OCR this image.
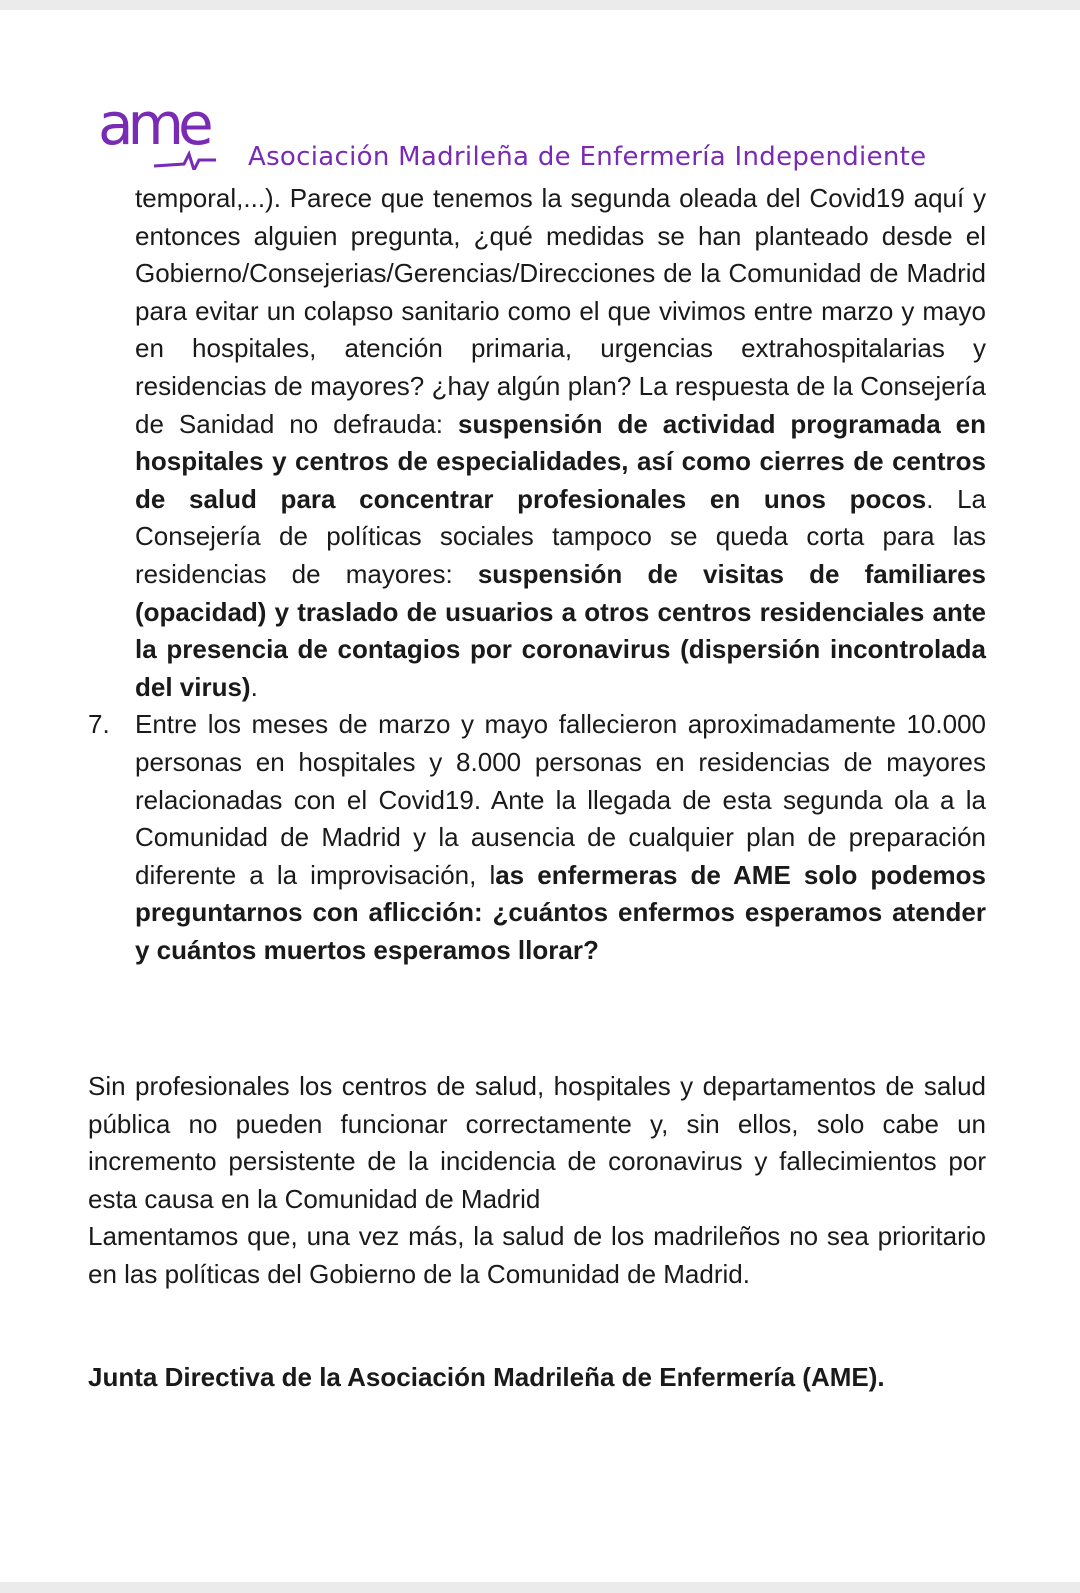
ame Asociación Madrileña de Enfermería Independiente

temporal,...). Parece que tenemos la segunda oleada del Covid19 aquí y entonces alguien pregunta, ¿qué medidas se han planteado desde el Gobierno/Consejerias/Gerencias/Direcciones de la Comunidad de Madrid para evitar un colapso sanitario como el que vivimos entre marzo y mayo en hospitales, atención primaria, urgencias extrahospitalarias y residencias de mayores? ¿hay algún plan? La respuesta de la Consejería de Sanidad no defrauda: suspensión de actividad programada en hospitales y centros de especialidades, así como cierres de centros de salud para concentrar profesionales en unos pocos. La Consejería de políticas sociales tampoco se queda corta para las residencias de mayores: suspensión de visitas de familiares (opacidad) y traslado de usuarios a otros centros residenciales ante la presencia de contagios por coronavirus (dispersión incontrolada del virus).

7. Entre los meses de marzo y mayo fallecieron aproximadamente 10.000 personas en hospitales y 8.000 personas en residencias de mayores relacionadas con el Covid19. Ante la llegada de esta segunda ola a la Comunidad de Madrid y la ausencia de cualquier plan de preparación diferente a la improvisación, las enfermeras de AME solo podemos preguntarnos con aflicción: ¿cuántos enfermos esperamos atender y cuántos muertos esperamos llorar?

Sin profesionales los centros de salud, hospitales y departamentos de salud pública no pueden funcionar correctamente y, sin ellos, solo cabe un incremento persistente de la incidencia de coronavirus y fallecimientos por esta causa en la Comunidad de Madrid

Lamentamos que, una vez más, la salud de los madrileños no sea prioritario en las políticas del Gobierno de la Comunidad de Madrid.

Junta Directiva de la Asociación Madrileña de Enfermería (AME).
